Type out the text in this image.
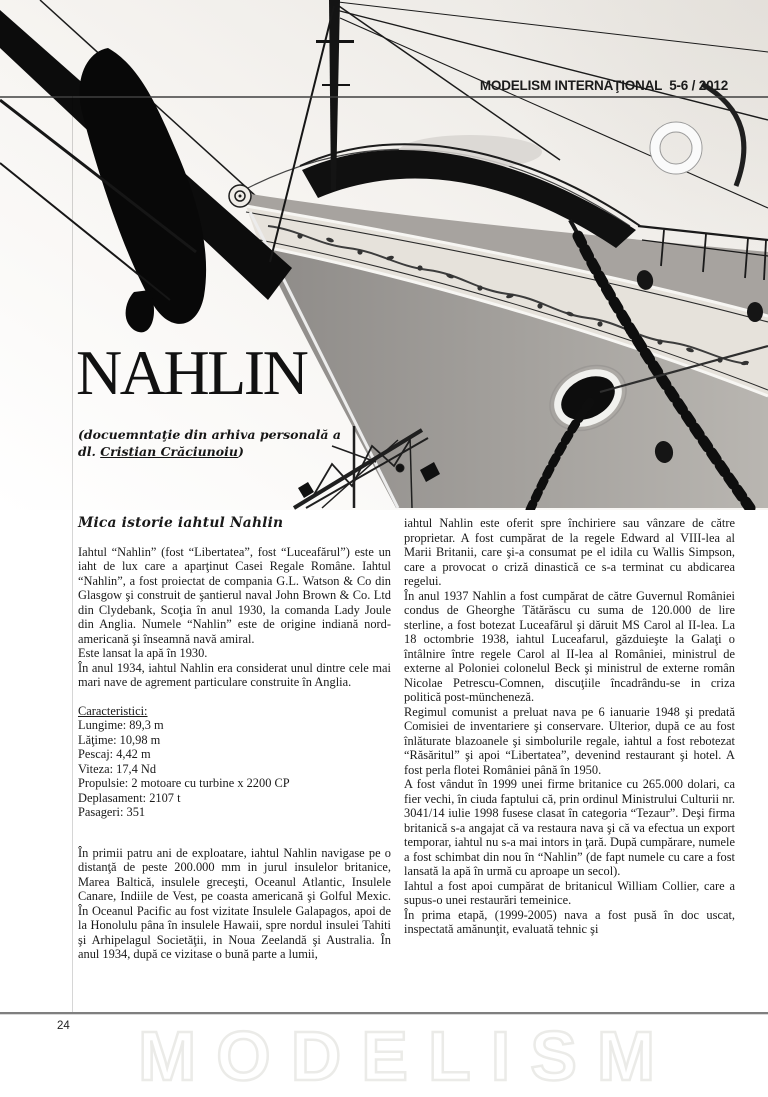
MODELISM INTERNAŢIONAL 5-6 / 2012
NAHLIN
(docuemntaţie din arhiva personală a
dl. Cristian Crăciunoiu)
Mica istorie iahtul Nahlin

Iahtul “Nahlin” (fost “Libertatea”, fost “Luceafărul”) este un iaht de lux care a aparţinut Casei Regale Române. Iahtul “Nahlin”, a fost proiectat de compania G.L. Watson & Co din Glasgow şi construit de şantierul naval John Brown & Co. Ltd din Clydebank, Scoţia în anul 1930, la comanda Lady Joule din Anglia. Numele “Nahlin” este de origine indiană nord-americană şi înseamnă navă amiral.

Este lansat la apă în 1930.

În anul 1934, iahtul Nahlin era considerat unul dintre cele mai mari nave de agrement particulare construite în Anglia.

Caracteristici:

Lungime: 89,3 m
Lăţime: 10,98 m
Pescaj: 4,42 m
Viteza: 17,4 Nd
Propulsie: 2 motoare cu turbine x 2200 CP
Deplasament: 2107 t
Pasageri: 351

În primii patru ani de exploatare, iahtul Nahlin navigase pe o distanţă de peste 200.000 mm in jurul insulelor britanice, Marea Baltică, insulele greceşti, Oceanul Atlantic, Insulele Canare, Indiile de Vest, pe coasta americană şi Golful Mexic. În Oceanul Pacific au fost vizitate Insulele Galapagos, apoi de la Honolulu pâna în insulele Hawaii, spre nordul insulei Tahiti şi Arhipelagul Societăţii, in Noua Zeelandă şi Australia. În anul 1934, după ce vizitase o bună parte a lumii,

iahtul Nahlin este oferit spre închiriere sau vânzare de către proprietar. A fost cumpărat de la regele Edward al VIII-lea al Marii Britanii, care şi-a consumat pe el idila cu Wallis Simpson, care a provocat o criză dinastică ce s-a terminat cu abdicarea regelui.

În anul 1937 Nahlin a fost cumpărat de către Guvernul României condus de Gheorghe Tătărăscu cu suma de 120.000 de lire sterline, a fost botezat Luceafărul şi dăruit MS Carol al II-lea. La 18 octombrie 1938, iahtul Luceafarul, găzduieşte la Galaţi o întâlnire între regele Carol al II-lea al României, ministrul de externe al Poloniei colonelul Beck şi ministrul de externe român Nicolae Petrescu-Comnen, discuţiile încadrându-se in criza politică post-müncheneză.

Regimul comunist a preluat nava pe 6 ianuarie 1948 şi predată Comisiei de inventariere şi conservare. Ulterior, după ce au fost înlăturate blazoanele şi simbolurile regale, iahtul a fost rebotezat “Răsăritul” şi apoi “Libertatea”, devenind restaurant şi hotel. A fost perla flotei României până în 1950.

A fost vândut în 1999 unei firme britanice cu 265.000 dolari, ca fier vechi, în ciuda faptului că, prin ordinul Ministrului Culturii nr. 3041/14 iulie 1998 fusese clasat în categoria “Tezaur”. Deşi firma britanică s-a angajat că va restaura nava şi că va efectua un export temporar, iahtul nu s-a mai intors in ţară. După cumpărare, numele a fost schimbat din nou în “Nahlin” (de fapt numele cu care a fost lansată la apă în urmă cu aproape un secol).

Iahtul a fost apoi cumpărat de britanicul William Collier, care a supus-o unei restaurări temeinice.

În prima etapă, (1999-2005) nava a fost pusă în doc uscat, inspectată amănunţit, evaluată tehnic şi

24 MODELISM
